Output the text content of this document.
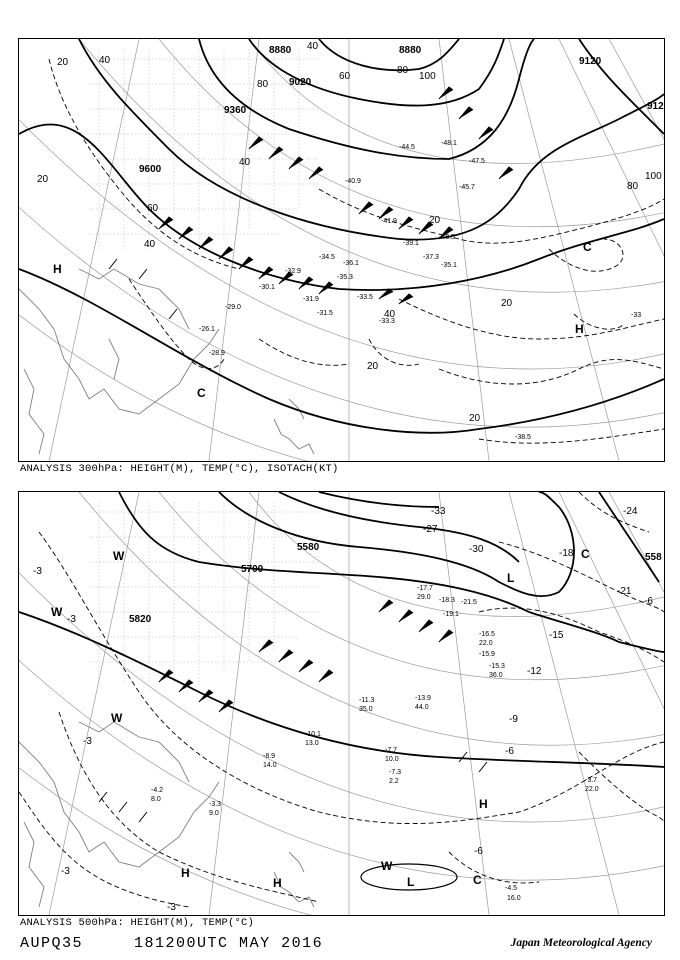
8880	8880
9020
9120
912
9360
9600
20	40
40
40
60
60
80
80
80
100
100
20
40
20
20
40
20
20
H
H
C
C
-33
-31.9
-31.5
-33.5
-35.1
-37.3
-39.1
-41.9
-43.5
-45.7
-47.5
-28.9
-26.1
-29.0
-30.1
-32.9
-34.5
-35.3
-36.1
-40.9
-44.5
-48.1
-33.3
-38.5
ANALYSIS 300hPa: HEIGHT(M), TEMP(°C), ISOTACH(KT)
5700
5580
5820
558
-3
-3
-3
-3
-6
-6
-9
-12
-15
-18
-21
-24
-27
-30
-33
-3
-6
W
W
W
W
H
H
H
L
L
C
C
-4.5
16.0
-3.7
22.0
-4.2
8.0
-3.3
9.0
-7.3
2.2
-7.7
10.0
-8.9
14.0
-10.1
13.0
-11.3
35.0
-15.3
36.0
-13.9
44.0
-16.5
22.0
-17.7
29.0
-19.1
-21.5
-15.9
-18.3
ANALYSIS 500hPa: HEIGHT(M), TEMP(°C)
AUPQ35	181200UTC MAY 2016	Japan Meteorological Agency
